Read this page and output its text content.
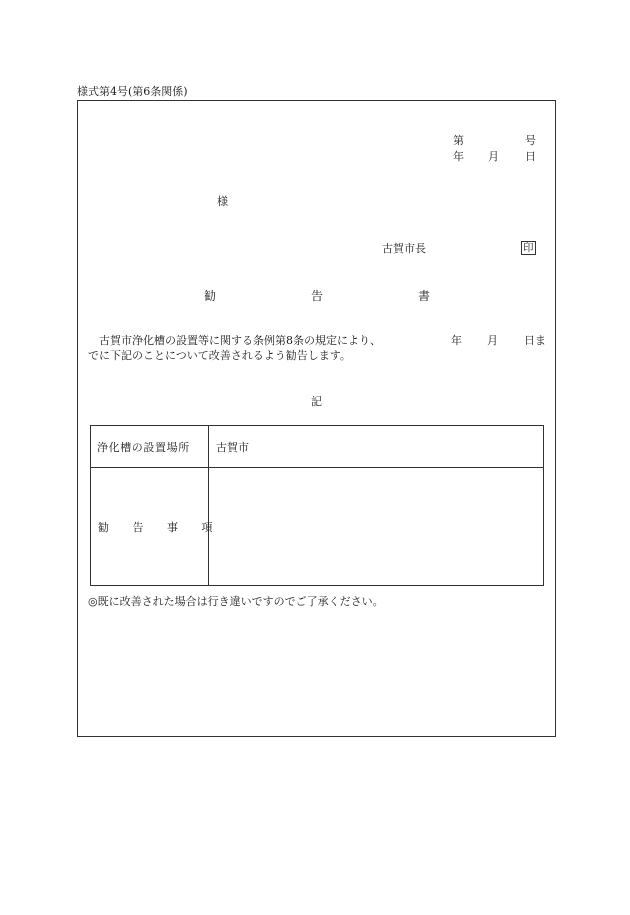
様式第4号(第6条関係)
第	号
年 月 日
様
古賀市長	印
勧	告	書
古賀市浄化槽の設置等に関する条例第8条の規定により、	年 月 日ま
でに下記のことについて改善されるよう勧告します。
記
浄化槽の設置場所 古賀市
勧 告 事 項
◎既に改善された場合は行き違いですのでご了承ください。
